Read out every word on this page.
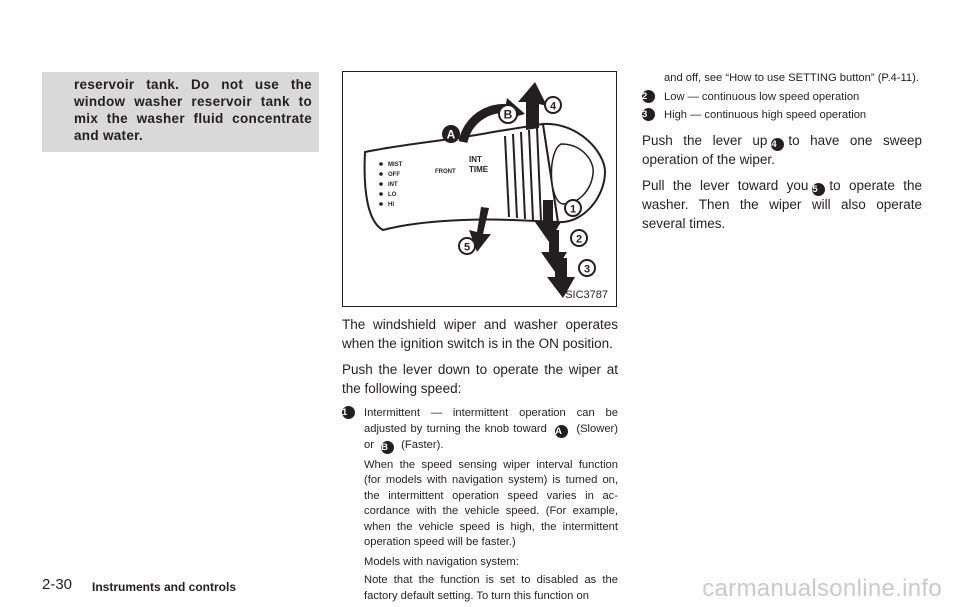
reservoir tank. Do not use the window washer reservoir tank to mix the washer fluid concentrate and water.
MIST
OFF
INT
LO
HI
FRONT
INT
TIME
A
B
4
1
2
3
5
SIC3787

The windshield wiper and washer operates when the ignition switch is in the ON position.

Push the lever down to operate the wiper at the following speed:

1	Intermittent — intermittent operation can be adjusted by turning the knob toward A (Slower) or B (Faster).
When the speed sensing wiper interval function (for models with navigation system) is turned on, the intermittent operation speed varies in ac-cordance with the vehicle speed. (For example, when the vehicle speed is high, the intermittent operation speed will be faster.)
Models with navigation system:
Note that the function is set to disabled as the factory default setting. To turn this function on
and off, see “How to use SETTING button” (P.4-11).
2	Low — continuous low speed operation
3	High — continuous high speed operation

Push the lever up 4 to have one sweep operation of the wiper.

Pull the lever toward you 5 to operate the washer. Then the wiper will also operate several times.

2-30 Instruments and controls	carmanualsonline.info
